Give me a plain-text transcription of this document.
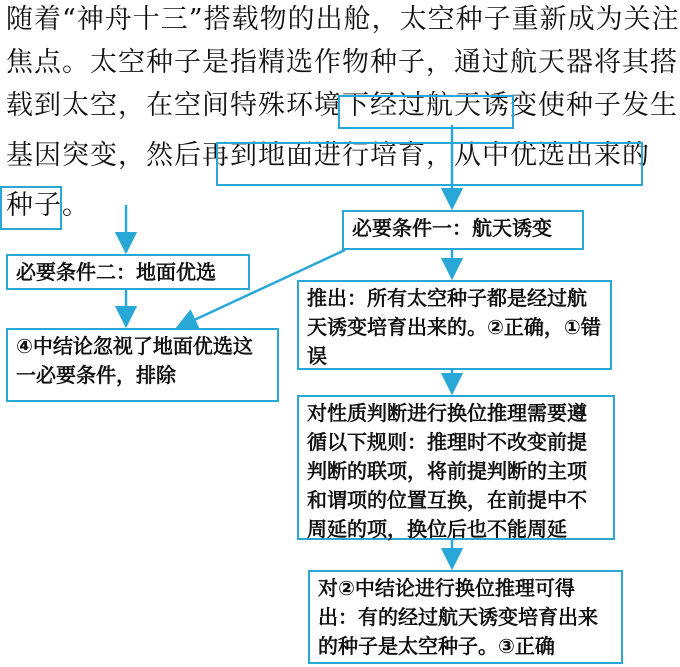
随着“神舟十三”搭载物的出舱，太空种子重新成为关注
焦点。太空种子是指精选作物种子，通过航天器将其搭
载到太空，在空间特殊环境下经过航天诱变使种子发生
基因突变，然后再到地面进行培育，从中优选出来的
种子。
必要条件一：航天诱变
必要条件二：地面优选
推出：所有太空种子都是经过航天诱变培育出来的。②正确，①错误
④中结论忽视了地面优选这一必要条件，排除
对性质判断进行换位推理需要遵循以下规则：推理时不改变前提判断的联项，将前提判断的主项和谓项的位置互换，在前提中不周延的项，换位后也不能周延
对②中结论进行换位推理可得出：有的经过航天诱变培育出来的种子是太空种子。③正确
